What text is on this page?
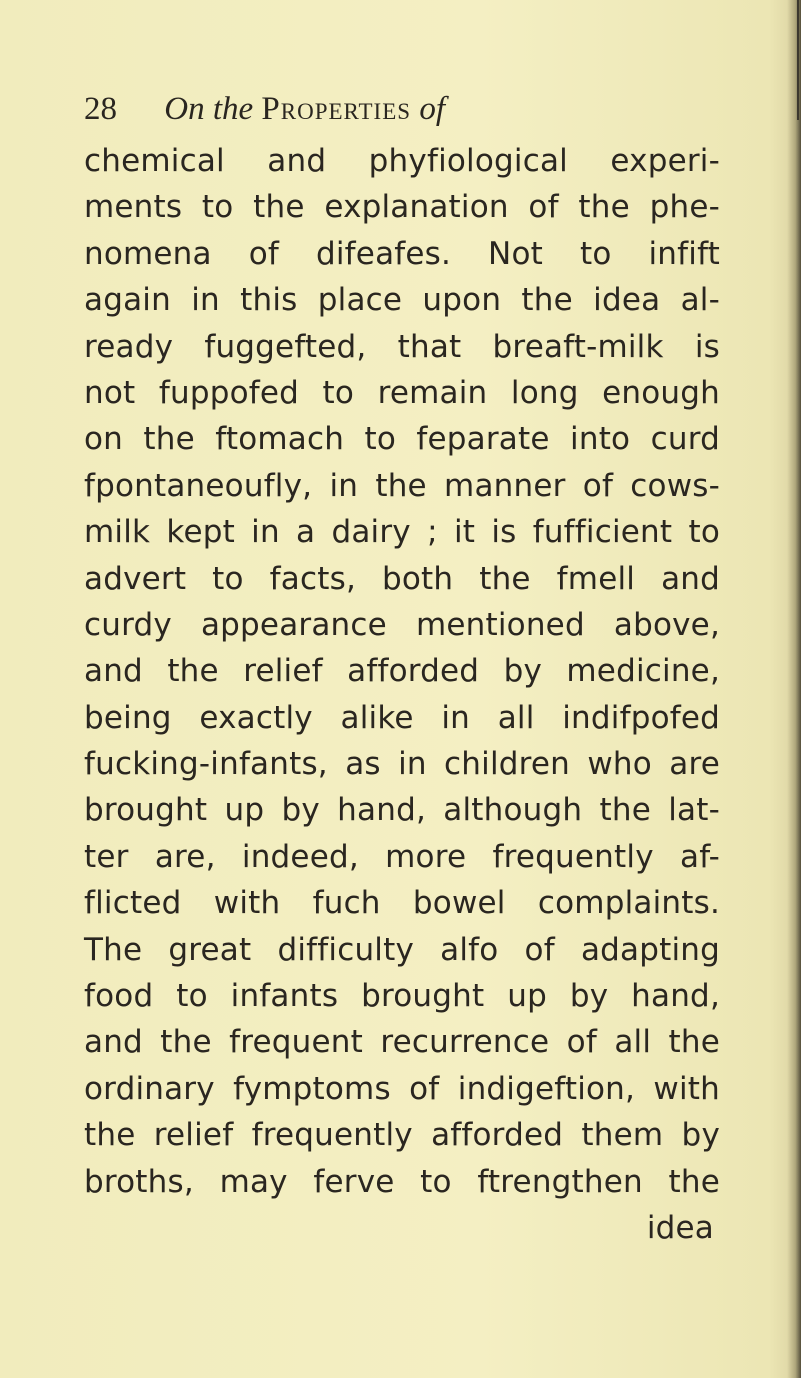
28 On the Properties of
chemical and phyfiological experi-
ments to the explanation of the phe-
nomena of difeafes. Not to infift
again in this place upon the idea al-
ready fuggefted, that breaft-milk is
not fuppofed to remain long enough
on the ftomach to feparate into curd
fpontaneoufly, in the manner of cows-
milk kept in a dairy ; it is fufficient to
advert to facts, both the fmell and
curdy appearance mentioned above,
and the relief afforded by medicine,
being exactly alike in all indifpofed
fucking-infants, as in children who are
brought up by hand, although the lat-
ter are, indeed, more frequently af-
flicted with fuch bowel complaints.
The great difficulty alfo of adapting
food to infants brought up by hand,
and the frequent recurrence of all the
ordinary fymptoms of indigeftion, with
the relief frequently afforded them by
broths, may ferve to ftrengthen the
idea
